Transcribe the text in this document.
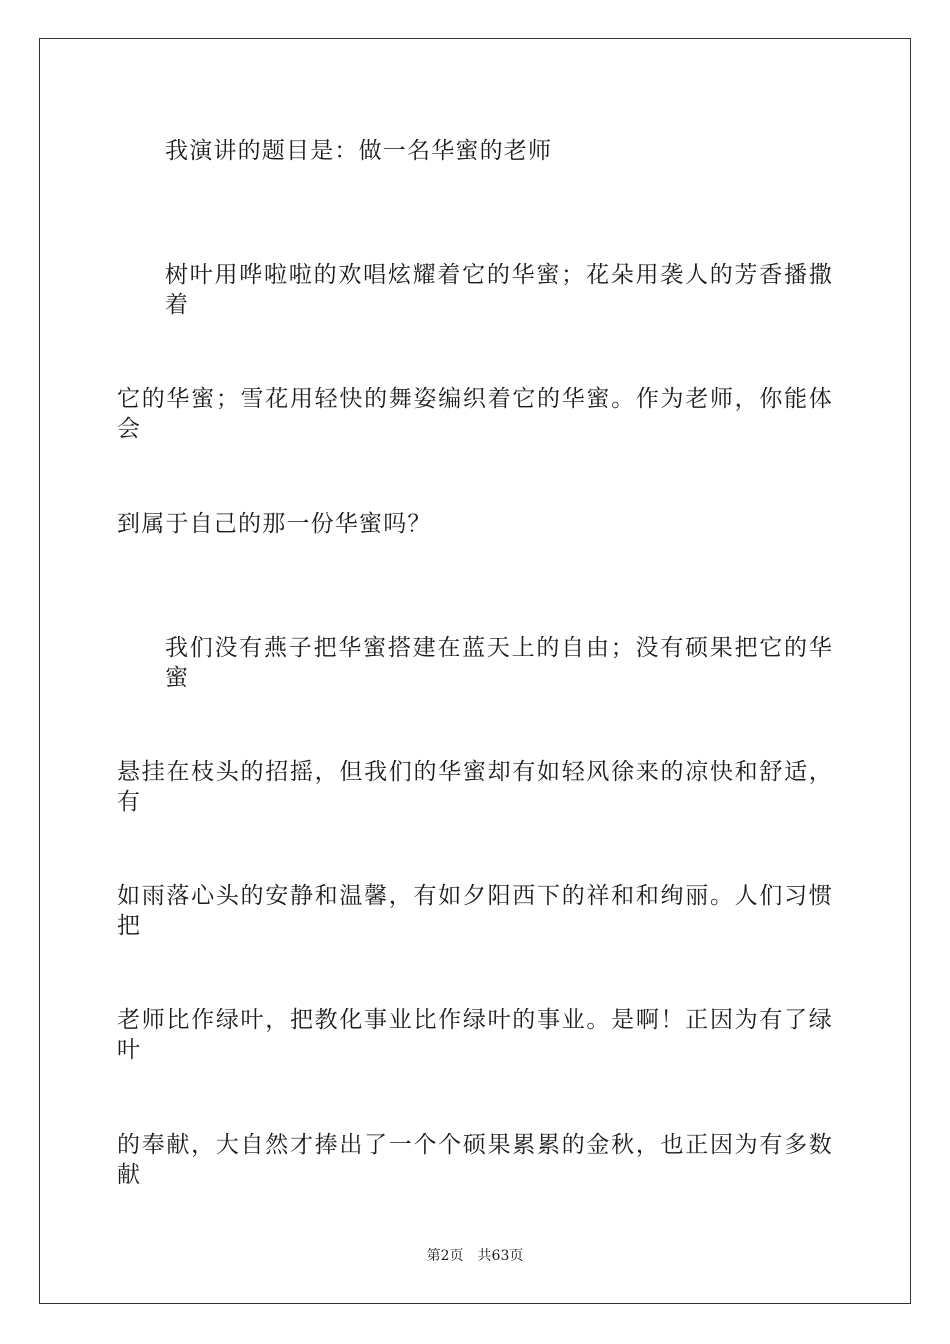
我演讲的题目是：做一名华蜜的老师
树叶用哗啦啦的欢唱炫耀着它的华蜜；花朵用袭人的芳香播撒着
它的华蜜；雪花用轻快的舞姿编织着它的华蜜。作为老师，你能体会
到属于自己的那一份华蜜吗？
我们没有燕子把华蜜搭建在蓝天上的自由；没有硕果把它的华蜜
悬挂在枝头的招摇，但我们的华蜜却有如轻风徐来的凉快和舒适，有
如雨落心头的安静和温馨，有如夕阳西下的祥和和绚丽。人们习惯把
老师比作绿叶，把教化事业比作绿叶的事业。是啊！正因为有了绿叶
的奉献，大自然才捧出了一个个硕果累累的金秋，也正因为有多数献
第2页 共63页
